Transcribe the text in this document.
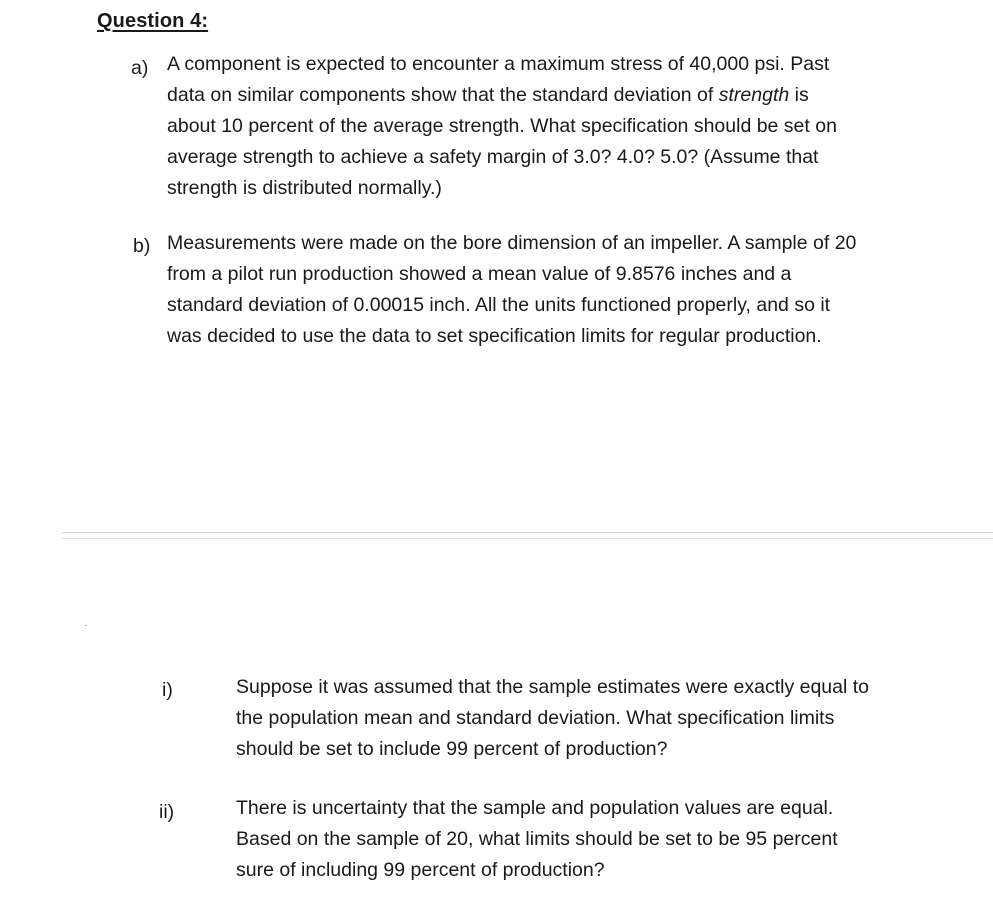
Question 4:
a) A component is expected to encounter a maximum stress of 40,000 psi. Past
data on similar components show that the standard deviation of strength is
about 10 percent of the average strength. What specification should be set on
average strength to achieve a safety margin of 3.0? 4.0? 5.0? (Assume that
strength is distributed normally.)
b) Measurements were made on the bore dimension of an impeller. A sample of 20
from a pilot run production showed a mean value of 9.8576 inches and a
standard deviation of 0.00015 inch. All the units functioned properly, and so it
was decided to use the data to set specification limits for regular production.
·
i)	Suppose it was assumed that the sample estimates were exactly equal to
the population mean and standard deviation. What specification limits
should be set to include 99 percent of production?
ii)	There is uncertainty that the sample and population values are equal.
Based on the sample of 20, what limits should be set to be 95 percent
sure of including 99 percent of production?
